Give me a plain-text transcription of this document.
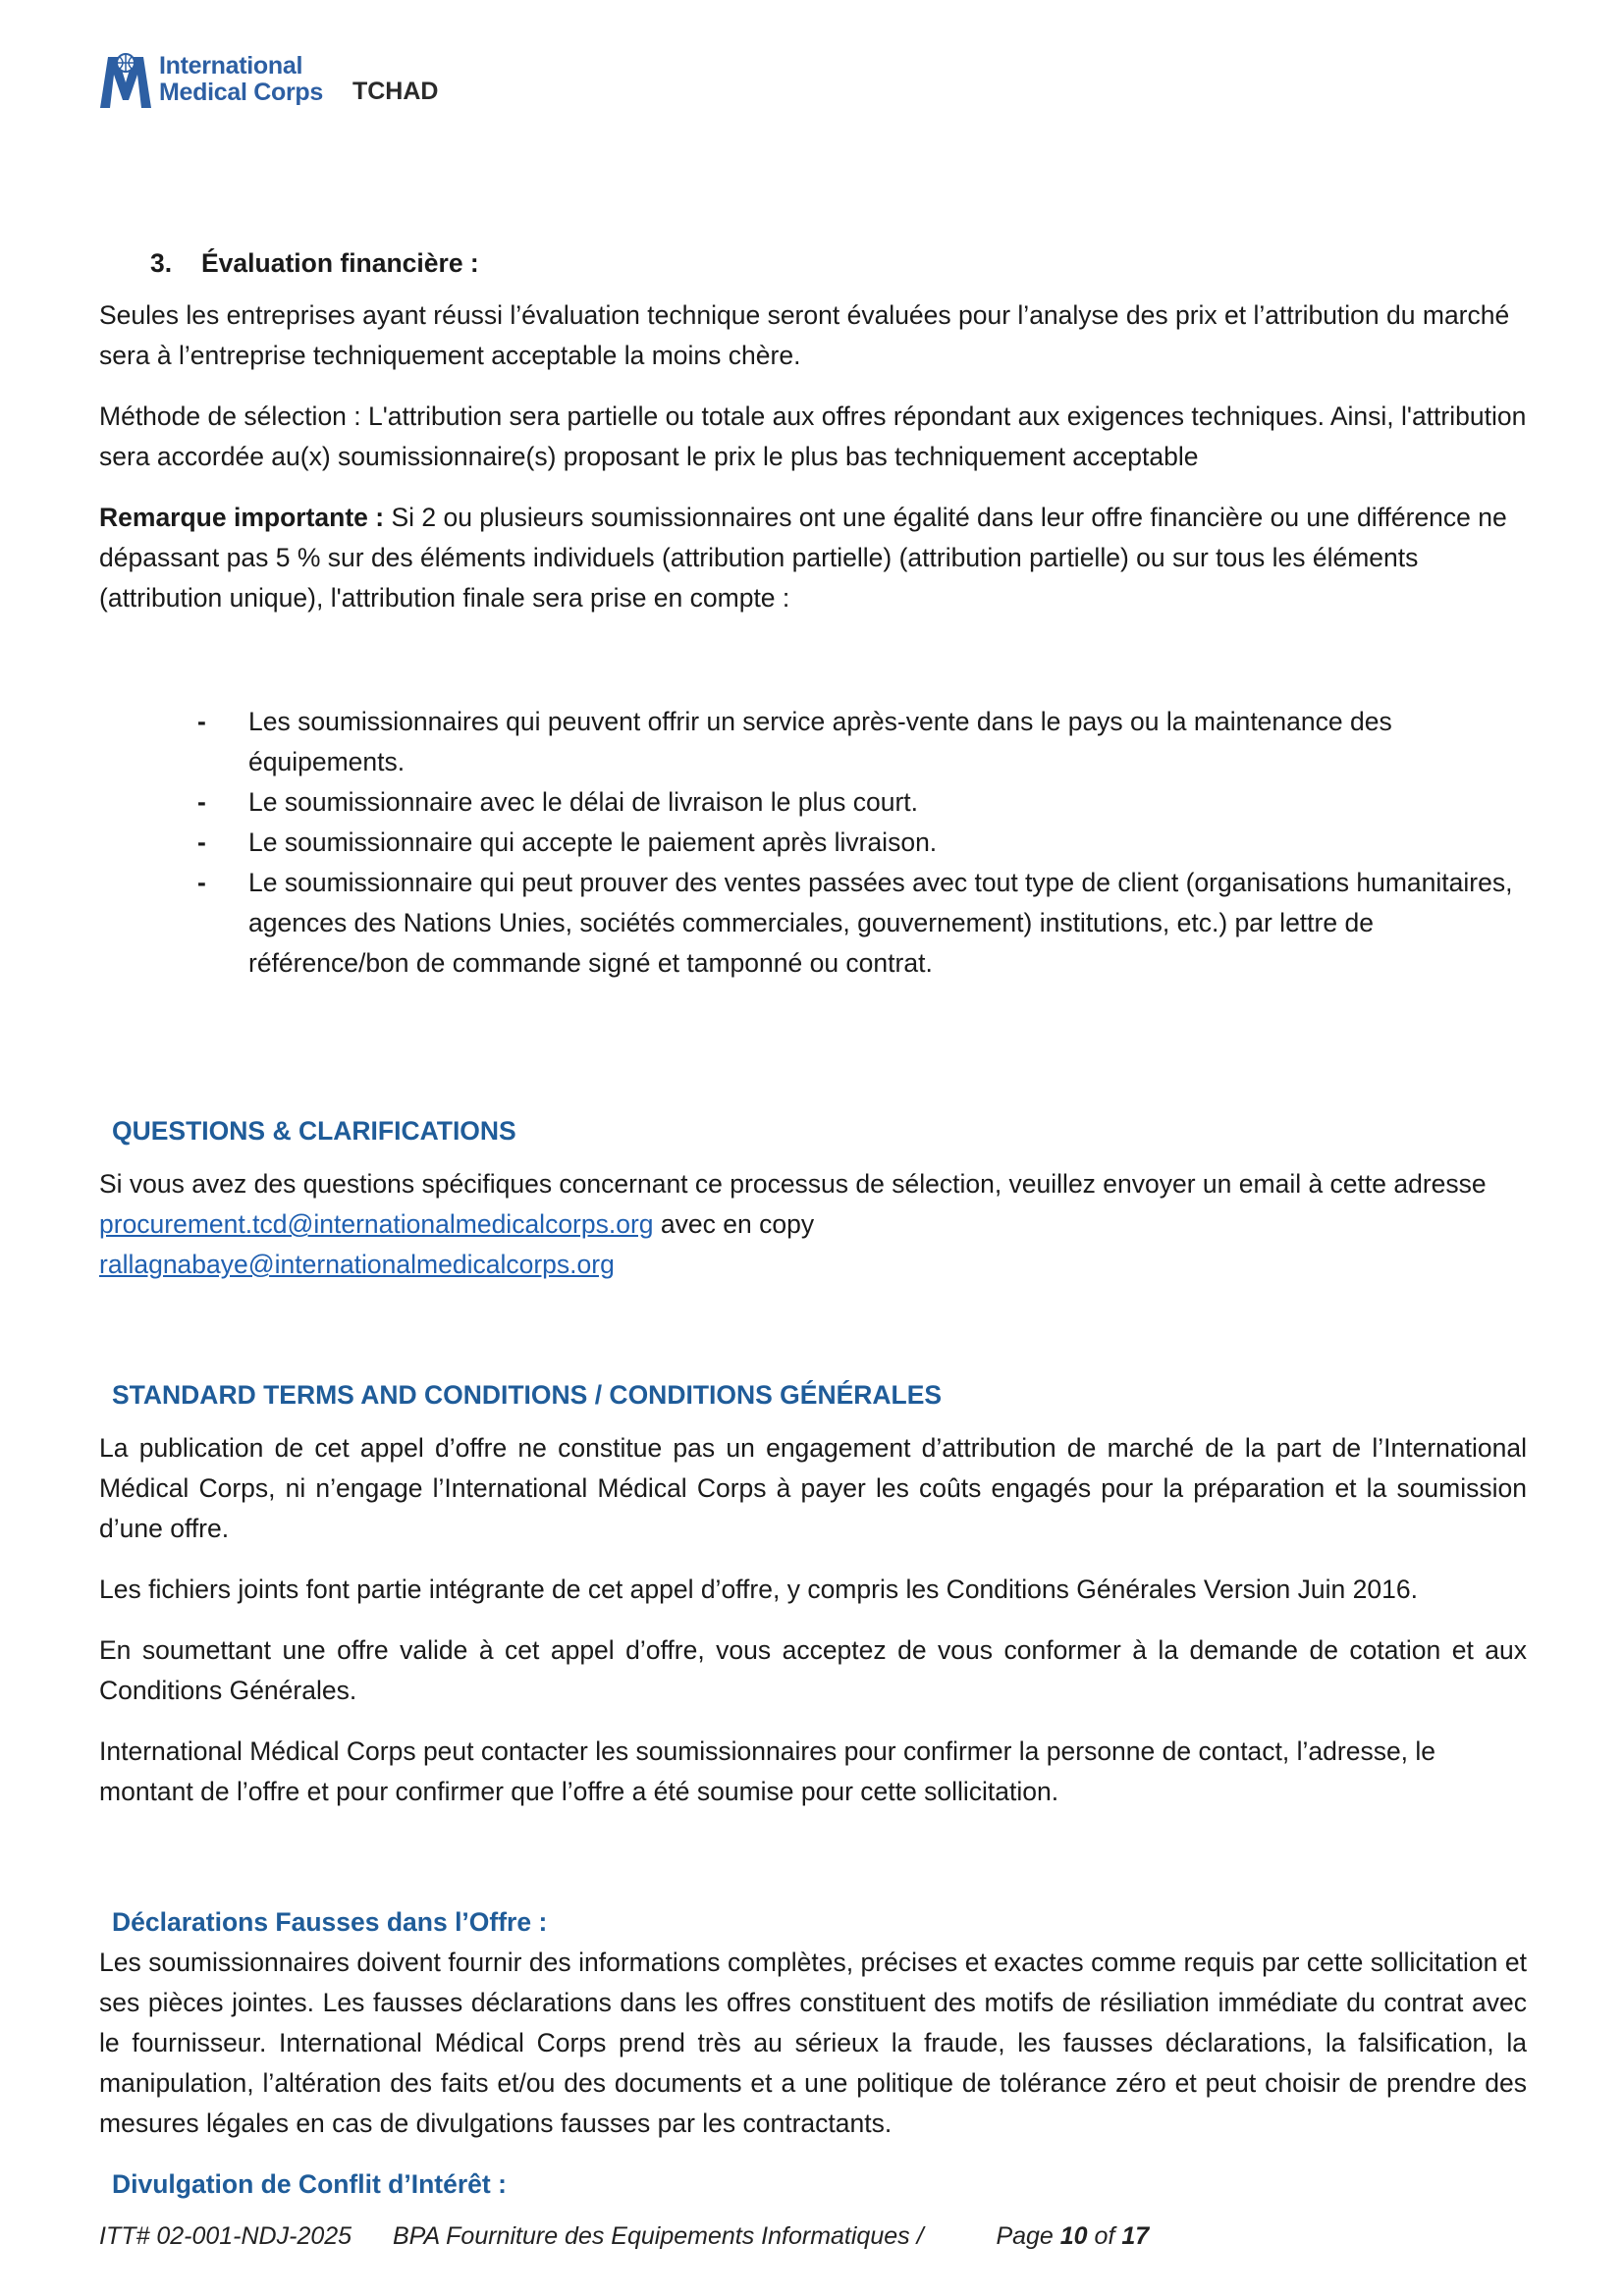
International
Medical Corps TCHAD
3. Évaluation financière :

Seules les entreprises ayant réussi l’évaluation technique seront évaluées pour l’analyse des prix et l’attribution du marché sera à l’entreprise techniquement acceptable la moins chère.

Méthode de sélection : L'attribution sera partielle ou totale aux offres répondant aux exigences techniques. Ainsi, l'attribution sera accordée au(x) soumissionnaire(s) proposant le prix le plus bas techniquement acceptable

Remarque importante : Si 2 ou plusieurs soumissionnaires ont une égalité dans leur offre financière ou une différence ne dépassant pas 5 % sur des éléments individuels (attribution partielle) (attribution partielle) ou sur tous les éléments (attribution unique), l'attribution finale sera prise en compte :

- Les soumissionnaires qui peuvent offrir un service après-vente dans le pays ou la maintenance des équipements.
- Le soumissionnaire avec le délai de livraison le plus court.
- Le soumissionnaire qui accepte le paiement après livraison.
- Le soumissionnaire qui peut prouver des ventes passées avec tout type de client (organisations humanitaires, agences des Nations Unies, sociétés commerciales, gouvernement) institutions, etc.) par lettre de référence/bon de commande signé et tamponné ou contrat.
QUESTIONS & CLARIFICATIONS

Si vous avez des questions spécifiques concernant ce processus de sélection, veuillez envoyer un email à cette adresse procurement.tcd@internationalmedicalcorps.org avec en copy
rallagnabaye@internationalmedicalcorps.org

STANDARD TERMS AND CONDITIONS / CONDITIONS GÉNÉRALES

La publication de cet appel d’offre ne constitue pas un engagement d’attribution de marché de la part de l’International Médical Corps, ni n’engage l’International Médical Corps à payer les coûts engagés pour la préparation et la soumission d’une offre.

Les fichiers joints font partie intégrante de cet appel d’offre, y compris les Conditions Générales Version Juin 2016.

En soumettant une offre valide à cet appel d’offre, vous acceptez de vous conformer à la demande de cotation et aux Conditions Générales.

International Médical Corps peut contacter les soumissionnaires pour confirmer la personne de contact, l’adresse, le montant de l’offre et pour confirmer que l’offre a été soumise pour cette sollicitation.

Déclarations Fausses dans l’Offre :

Les soumissionnaires doivent fournir des informations complètes, précises et exactes comme requis par cette sollicitation et ses pièces jointes. Les fausses déclarations dans les offres constituent des motifs de résiliation immédiate du contrat avec le fournisseur. International Médical Corps prend très au sérieux la fraude, les fausses déclarations, la falsification, la manipulation, l’altération des faits et/ou des documents et a une politique de tolérance zéro et peut choisir de prendre des mesures légales en cas de divulgations fausses par les contractants.

Divulgation de Conflit d’Intérêt :
ITT# 02-001-NDJ-2025 BPA Fourniture des Equipements Informatiques /	Page 10 of 17
